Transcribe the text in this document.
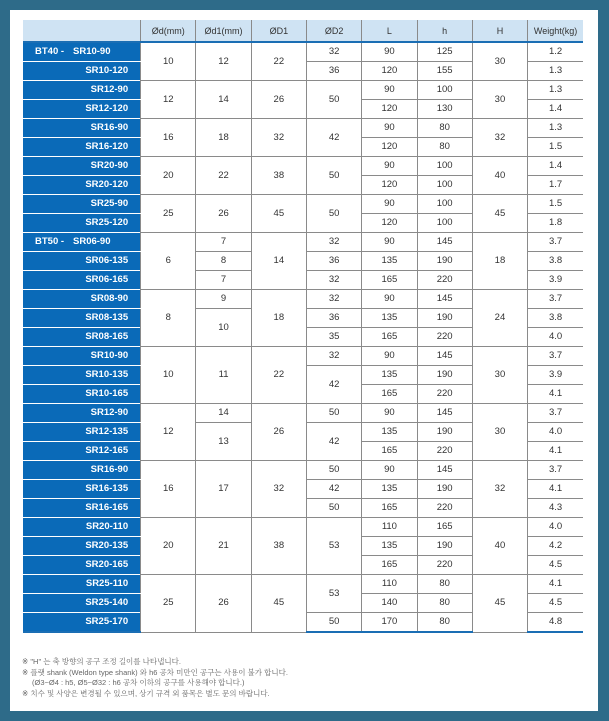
	Ød(mm)	Ød1(mm)	ØD1	ØD2	L	h	H	Weight(kg)
BT40 -SR10-90	10	12	22	32	90	125	30	1.2
SR10-120				36	120	155		1.3
SR12-90	12	14	26	50	90	100	30	1.3
SR12-120					120	130		1.4
SR16-90	16	18	32	42	90	80	32	1.3
SR16-120					120	80		1.5
SR20-90	20	22	38	50	90	100	40	1.4
SR20-120					120	100		1.7
SR25-90	25	26	45	50	90	100	45	1.5
SR25-120					120	100		1.8
BT50 -SR06-90	6	7	14	32	90	145	18	3.7
SR06-135		8		36	135	190		3.8
SR06-165		7		32	165	220		3.9
SR08-90	8	9	18	32	90	145	24	3.7
SR08-135		10		36	135	190		3.8
SR08-165				35	165	220		4.0
SR10-90	10	11	22	32	90	145	30	3.7
SR10-135				42	135	190		3.9
SR10-165					165	220		4.1
SR12-90	12	14	26	50	90	145	30	3.7
SR12-135		13		42	135	190		4.0
SR12-165					165	220		4.1
SR16-90	16	17	32	50	90	145	32	3.7
SR16-135				42	135	190		4.1
SR16-165				50	165	220		4.3
SR20-110	20	21	38	53	110	165	40	4.0
SR20-135					135	190		4.2
SR20-165					165	220		4.5
SR25-110	25	26	45	53	110	80	45	4.1
SR25-140					140	80		4.5
SR25-170				50	170	80		4.8
※ "H" 는 축 방향의 공구 조정 길이를 나타냅니다.
※ 플랫 shank (Weldon type shank) 와 h6 공차 미만인 공구는 사용이 불가 합니다.
(Ø3~Ø4 : h5, Ø5~Ø32 : h6 공차 이하의 공구를 사용해야 합니다.)
※ 치수 및 사양은 변경될 수 있으며, 상기 규격 외 품목은 별도 문의 바랍니다.
